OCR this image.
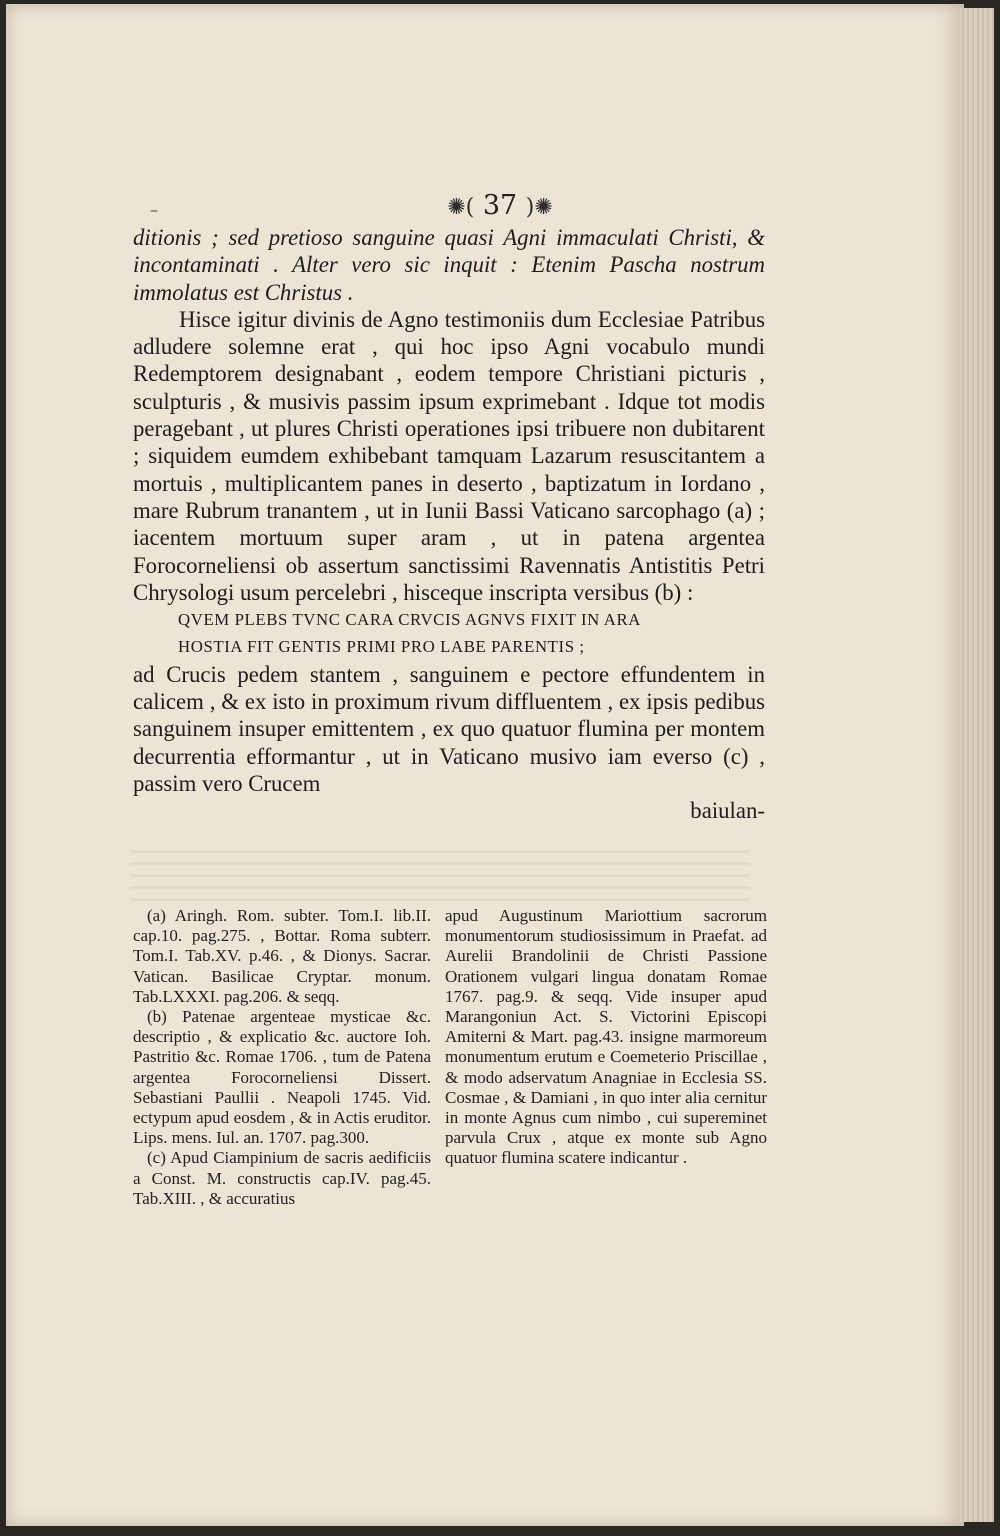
–	✺( 37 )✺

ditionis ; sed pretioso sanguine quasi Agni immaculati Christi, & incontaminati . Alter vero sic inquit : Etenim Pascha nostrum immolatus est Christus .

Hisce igitur divinis de Agno testimoniis dum Ecclesiae Patribus adludere solemne erat , qui hoc ipso Agni vocabulo mundi Redemptorem designabant , eodem tempore Christiani picturis , sculpturis , & musivis passim ipsum exprimebant . Idque tot modis peragebant , ut plures Christi operationes ipsi tribuere non dubitarent ; siquidem eumdem exhibebant tamquam Lazarum resuscitantem a mortuis , multiplicantem panes in deserto , baptizatum in Iordano , mare Rubrum tranantem , ut in Iunii Bassi Vaticano sarcophago (a) ; iacentem mortuum super aram , ut in patena argentea Forocorneliensi ob assertum sanctissimi Ravennatis Antistitis Petri Chrysologi usum percelebri , hisceque inscripta versibus (b) :

QVEM PLEBS TVNC CARA CRVCIS AGNVS FIXIT IN ARA

HOSTIA FIT GENTIS PRIMI PRO LABE PARENTIS ;

ad Crucis pedem stantem , sanguinem e pectore effundentem in calicem , & ex isto in proximum rivum diffluentem , ex ipsis pedibus sanguinem insuper emittentem , ex quo quatuor flumina per montem decurrentia efformantur , ut in Vaticano musivo iam everso (c) , passim vero Crucem

baiulan-

(a) Aringh. Rom. subter. Tom.I. lib.II. cap.10. pag.275. , Bottar. Roma subterr. Tom.I. Tab.XV. p.46. , & Dionys. Sacrar. Vatican. Basilicae Cryptar. monum. Tab.LXXXI. pag.206. & seqq.

(b) Patenae argenteae mysticae &c. descriptio , & explicatio &c. auctore Ioh. Pastritio &c. Romae 1706. , tum de Patena argentea Forocorneliensi Dissert. Sebastiani Paullii . Neapoli 1745. Vid. ectypum apud eosdem , & in Actis eruditor. Lips. mens. Iul. an. 1707. pag.300.

(c) Apud Ciampinium de sacris aedificiis a Const. M. constructis cap.IV. pag.45. Tab.XIII. , & accuratius

apud Augustinum Mariottium sacrorum monumentorum studiosissimum in Praefat. ad Aurelii Brandolinii de Christi Passione Orationem vulgari lingua donatam Romae 1767. pag.9. & seqq. Vide insuper apud Marangoniun Act. S. Victorini Episcopi Amiterni & Mart. pag.43. insigne marmoreum monumentum erutum e Coemeterio Priscillae , & modo adservatum Anagniae in Ecclesia SS. Cosmae , & Damiani , in quo inter alia cernitur in monte Agnus cum nimbo , cui supereminet parvula Crux , atque ex monte sub Agno quatuor flumina scatere indicantur .
